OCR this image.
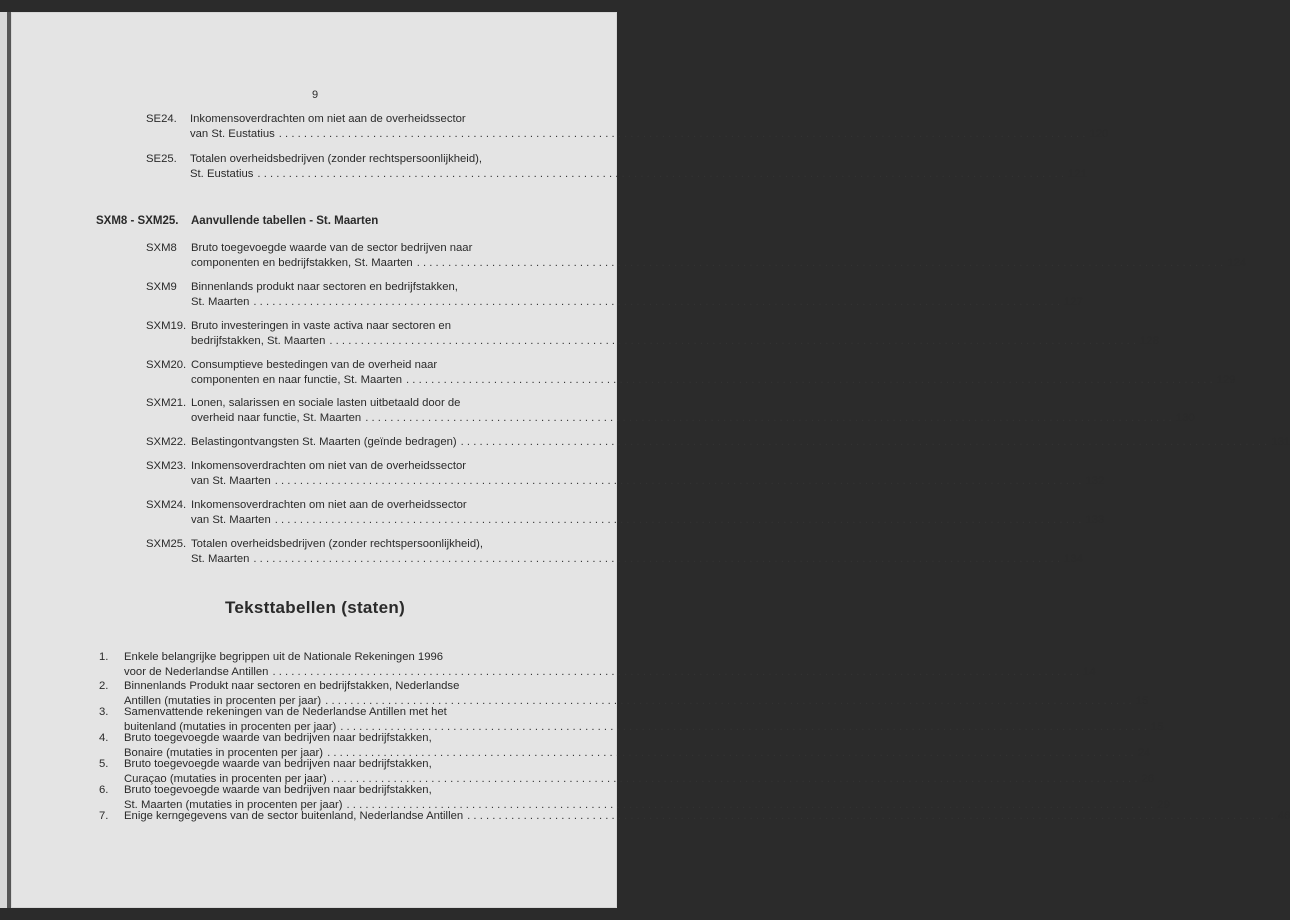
9
SE24. Inkomensoverdrachten om niet aan de overheidssector
van St. Eustatius . . .	120
SE25. Totalen overheidsbedrijven (zonder rechtspersoonlijkheid),
St. Eustatius . . .	121
SXM8 - SXM25. Aanvullende tabellen - St. Maarten
SXM8 Bruto toegevoegde waarde van de sector bedrijven naar
componenten en bedrijfstakken, St. Maarten . . .	124
SXM9 Binnenlands produkt naar sectoren en bedrijfstakken,
St. Maarten . . .	127
SXM19. Bruto investeringen in vaste activa naar sectoren en
bedrijfstakken, St. Maarten . . .	128
SXM20. Consumptieve bestedingen van de overheid naar
componenten en naar functie, St. Maarten . . .	129
SXM21. Lonen, salarissen en sociale lasten uitbetaald door de
overheid naar functie, St. Maarten . . .	130
SXM22. Belastingontvangsten St. Maarten (geïnde bedragen) . . .	131
SXM23. Inkomensoverdrachten om niet van de overheidssector
van St. Maarten . . .	132
SXM24. Inkomensoverdrachten om niet aan de overheidssector
van St. Maarten . . .	133
SXM25. Totalen overheidsbedrijven (zonder rechtspersoonlijkheid),
St. Maarten . . .	134
Teksttabellen (staten)
1. Enkele belangrijke begrippen uit de Nationale Rekeningen 1996
voor de Nederlandse Antillen . . .	14
2. Binnenlands Produkt naar sectoren en bedrijfstakken, Nederlandse
Antillen (mutaties in procenten per jaar) . . .	15
3. Samenvattende rekeningen van de Nederlandse Antillen met het
buitenland (mutaties in procenten per jaar) . . .	15
4. Bruto toegevoegde waarde van bedrijven naar bedrijfstakken,
Bonaire (mutaties in procenten per jaar) . . .	24
5. Bruto toegevoegde waarde van bedrijven naar bedrijfstakken,
Curaçao (mutaties in procenten per jaar) . . .	26
6. Bruto toegevoegde waarde van bedrijven naar bedrijfstakken,
St. Maarten (mutaties in procenten per jaar) . . .	29
7. Enige kerngegevens van de sector buitenland, Nederlandse Antillen . . .	46
